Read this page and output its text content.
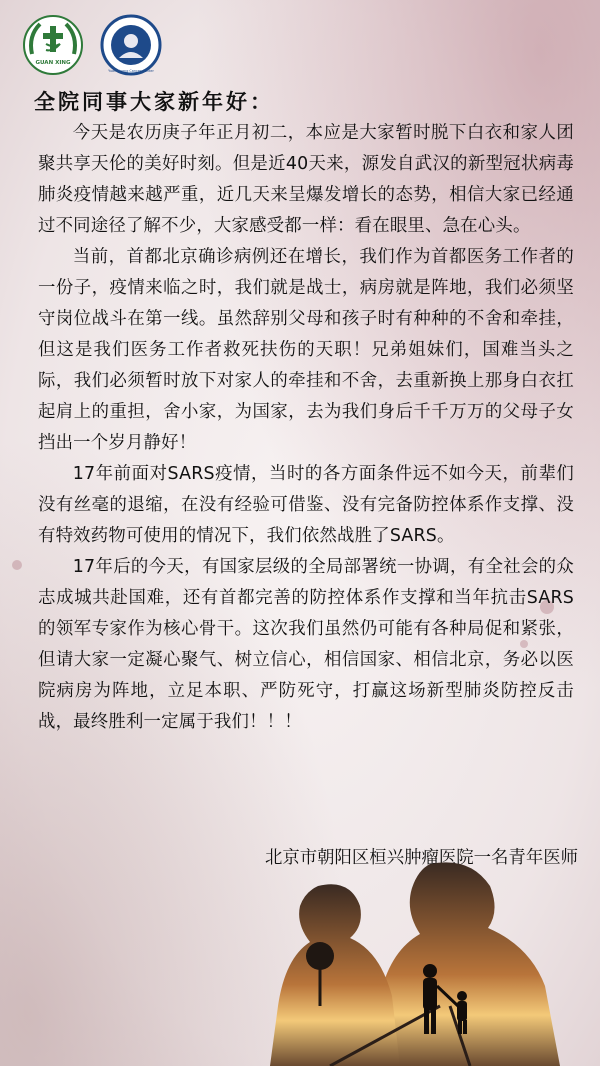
GUAN XING
Yuan Huang Cancer Center
全院同事大家新年好：

今天是农历庚子年正月初二，本应是大家暂时脱下白衣和家人团聚共享天伦的美好时刻。但是近40天来，源发自武汉的新型冠状病毒肺炎疫情越来越严重，近几天来呈爆发增长的态势，相信大家已经通过不同途径了解不少，大家感受都一样：看在眼里、急在心头。

当前，首都北京确诊病例还在增长，我们作为首都医务工作者的一份子，疫情来临之时，我们就是战士，病房就是阵地，我们必须坚守岗位战斗在第一线。虽然辞别父母和孩子时有种种的不舍和牵挂，但这是我们医务工作者救死扶伤的天职！兄弟姐妹们，国难当头之际，我们必须暂时放下对家人的牵挂和不舍，去重新换上那身白衣扛起肩上的重担，舍小家，为国家，去为我们身后千千万万的父母子女挡出一个岁月静好！

17年前面对SARS疫情，当时的各方面条件远不如今天，前辈们没有丝毫的退缩，在没有经验可借鉴、没有完备防控体系作支撑、没有特效药物可使用的情况下，我们依然战胜了SARS。

17年后的今天，有国家层级的全局部署统一协调，有全社会的众志成城共赴国难，还有首都完善的防控体系作支撑和当年抗击SARS的领军专家作为核心骨干。这次我们虽然仍可能有各种局促和紧张，但请大家一定凝心聚气、树立信心，相信国家、相信北京，务必以医院病房为阵地，立足本职、严防死守，打赢这场新型肺炎防控反击战，最终胜利一定属于我们！！！

北京市朝阳区桓兴肿瘤医院一名青年医师
